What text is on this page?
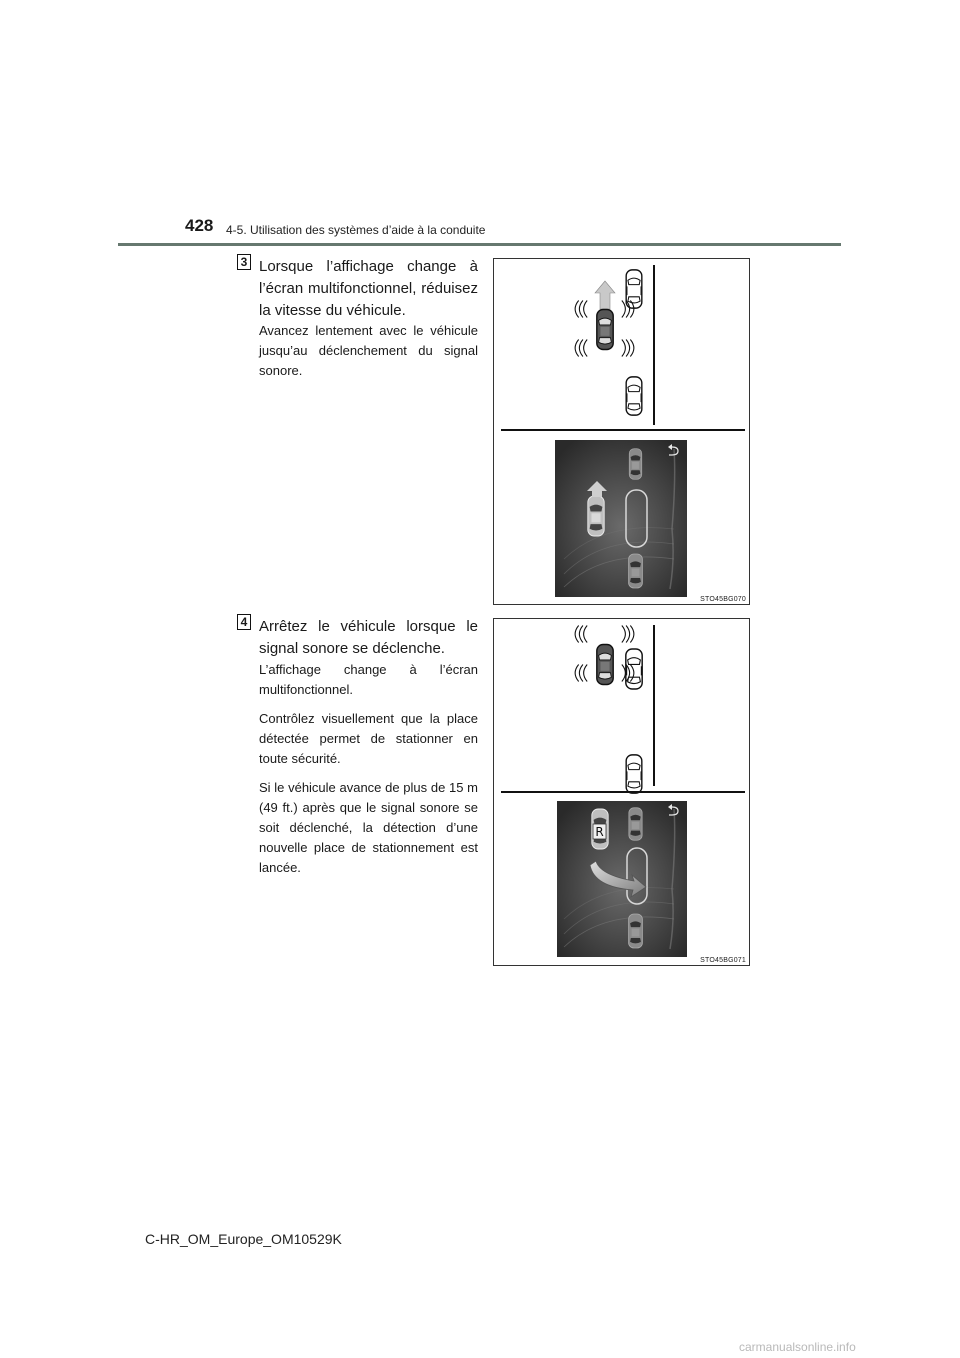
428 4-5. Utilisation des systèmes d’aide à la conduite
3 Lorsque l’affichage change à l’écran multifonctionnel, réduisez la vitesse du véhicule.

Avancez lentement avec le véhicule jusqu’au déclenchement du signal sonore.

STO45BG070
4 Arrêtez le véhicule lorsque le signal sonore se déclenche.

L’affichage change à l’écran multifonctionnel.

Contrôlez visuellement que la place détectée permet de stationner en toute sécurité.

Si le véhicule avance de plus de 15 m (49 ft.) après que le signal sonore se soit déclenché, la détection d’une nouvelle place de stationnement est lancée.

R
STO45BG071
C-HR_OM_Europe_OM10529K
carmanualsonline.info
